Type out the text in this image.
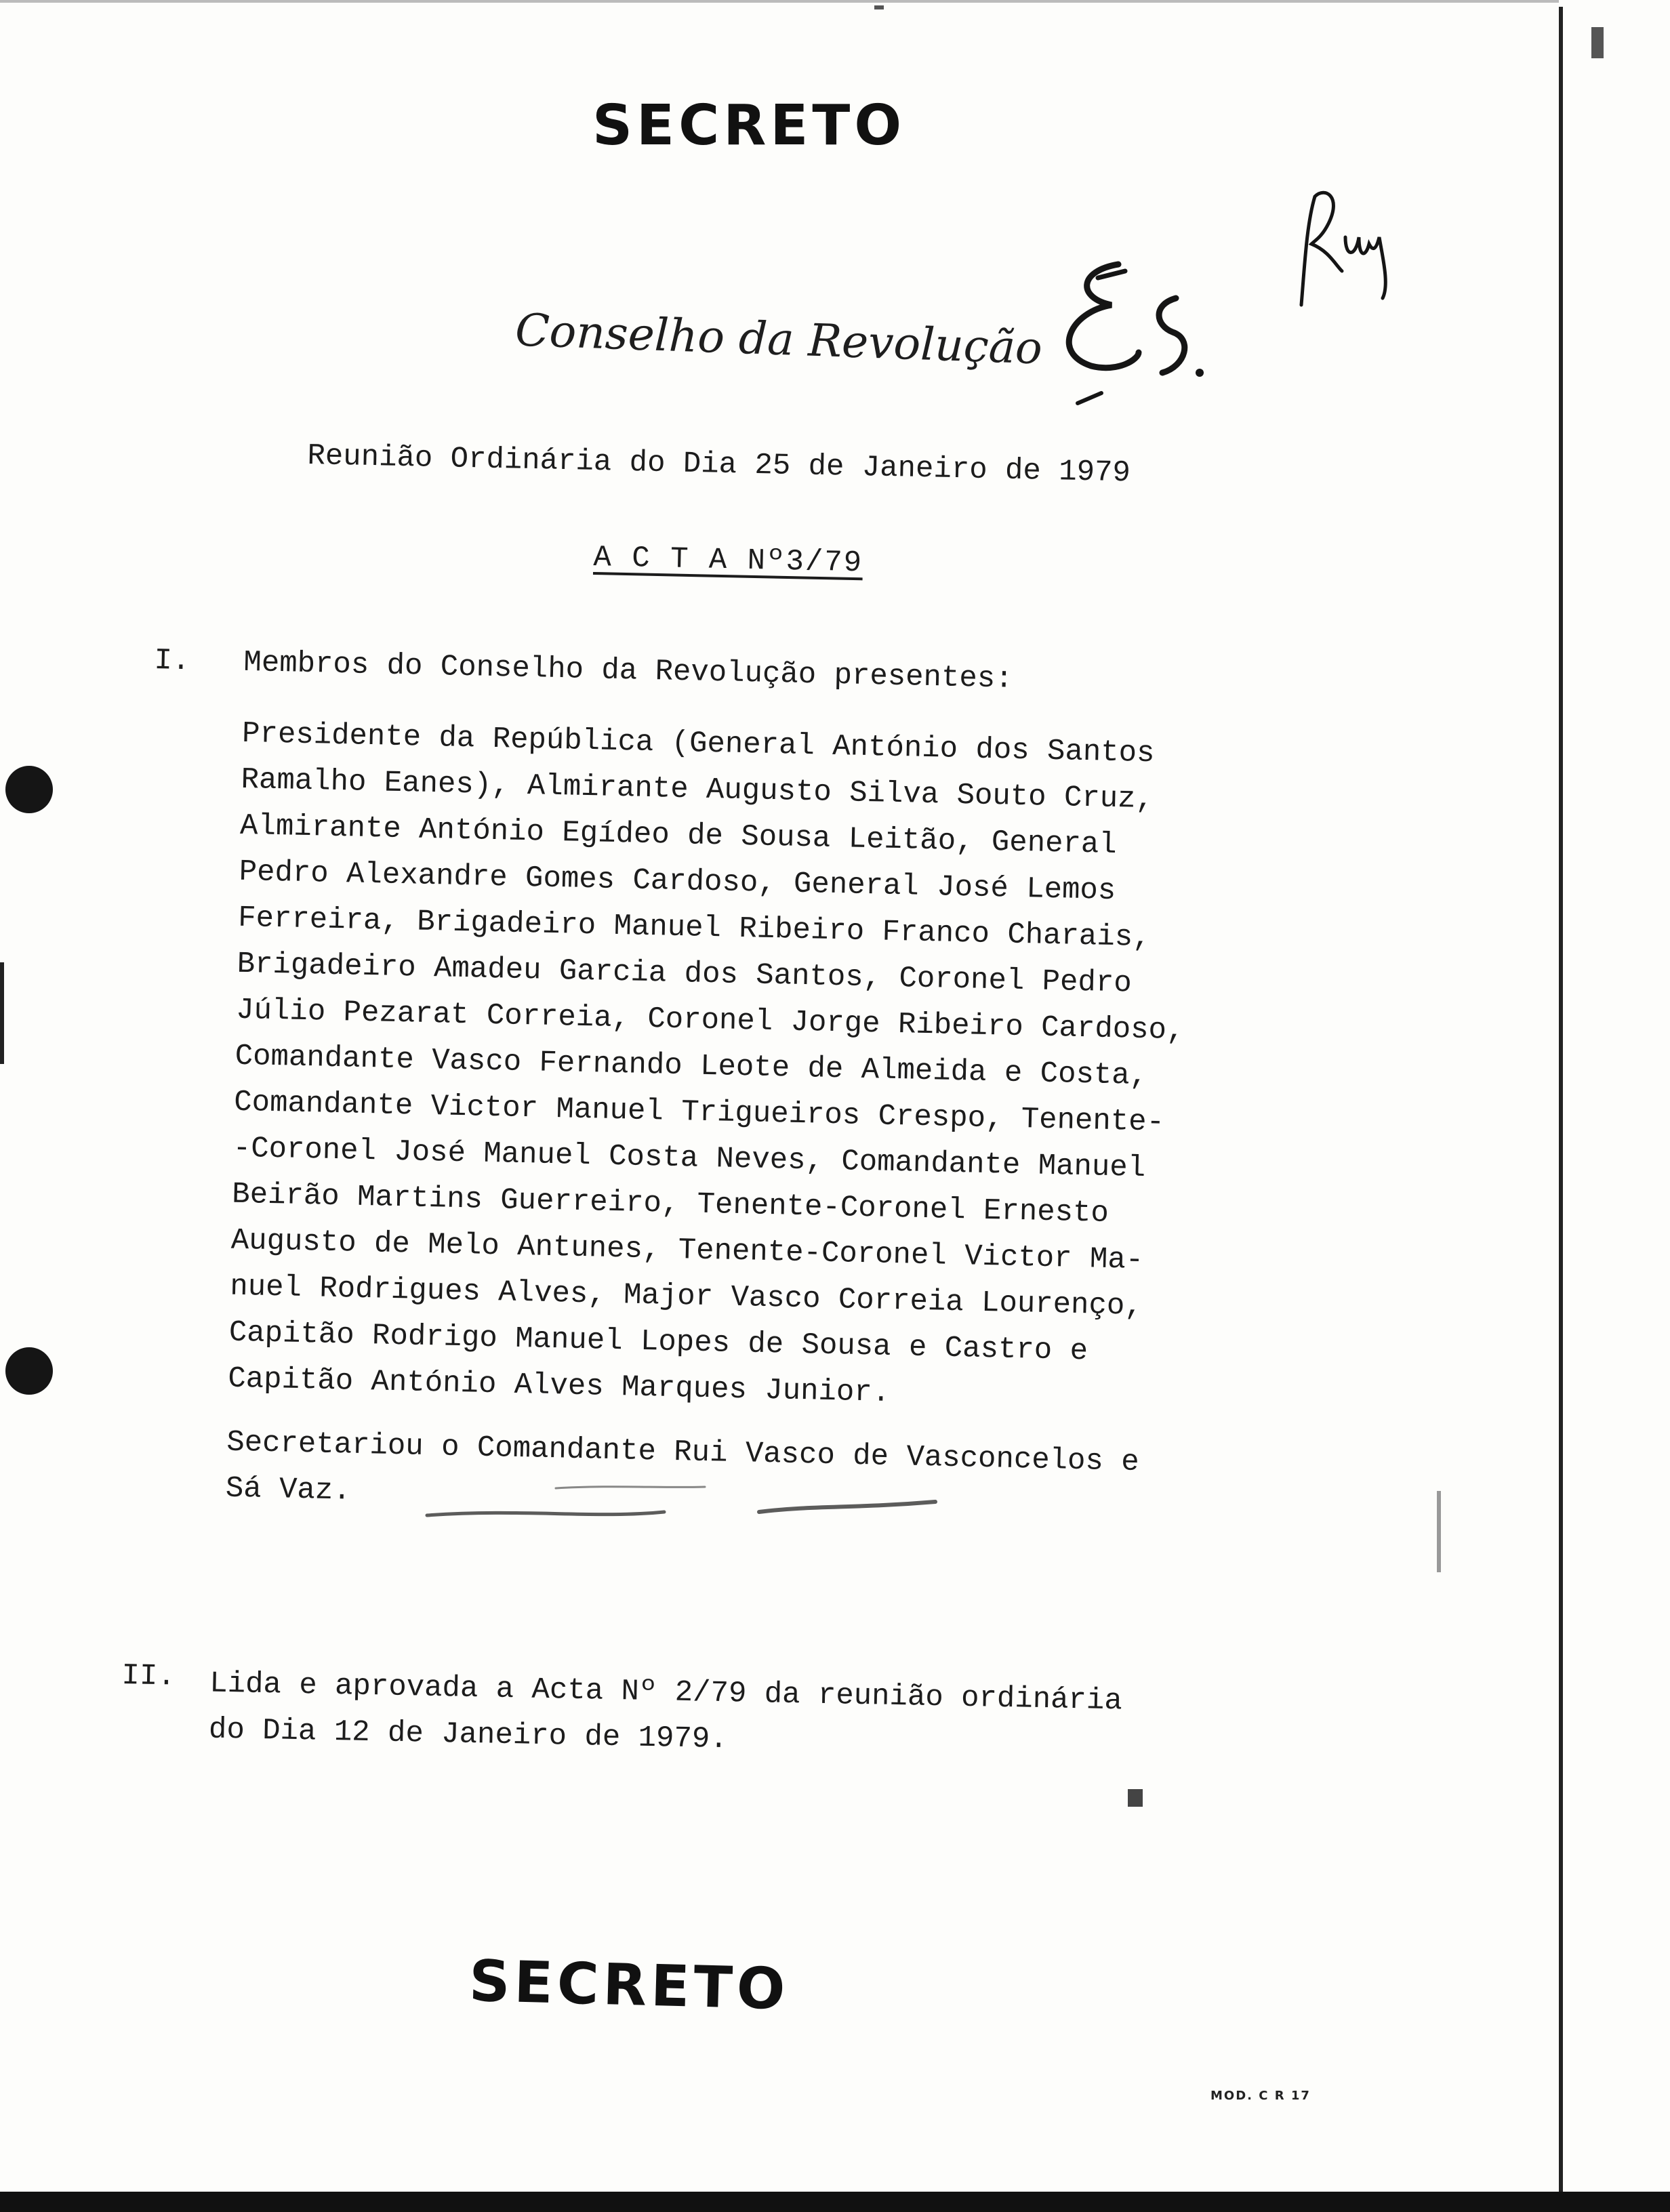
SECRETO
Conselho da Revolução
Reunião Ordinária do Dia 25 de Janeiro de 1979
A C T A Nº3/79
I. Membros do Conselho da Revolução presentes:
Presidente da República (General António dos Santos
Ramalho Eanes), Almirante Augusto Silva Souto Cruz,
Almirante António Egídeo de Sousa Leitão, General
Pedro Alexandre Gomes Cardoso, General José Lemos
Ferreira, Brigadeiro Manuel Ribeiro Franco Charais,
Brigadeiro Amadeu Garcia dos Santos, Coronel Pedro
Júlio Pezarat Correia, Coronel Jorge Ribeiro Cardoso,
Comandante Vasco Fernando Leote de Almeida e Costa,
Comandante Victor Manuel Trigueiros Crespo, Tenente-
-Coronel José Manuel Costa Neves, Comandante Manuel
Beirão Martins Guerreiro, Tenente-Coronel Ernesto
Augusto de Melo Antunes, Tenente-Coronel Victor Ma-
nuel Rodrigues Alves, Major Vasco Correia Lourenço,
Capitão Rodrigo Manuel Lopes de Sousa e Castro e
Capitão António Alves Marques Junior.
Secretariou o Comandante Rui Vasco de Vasconcelos e
Sá Vaz.
II. Lida e aprovada a Acta Nº 2/79 da reunião ordinária
do Dia 12 de Janeiro de 1979.
SECRETO
MOD. C R 17
